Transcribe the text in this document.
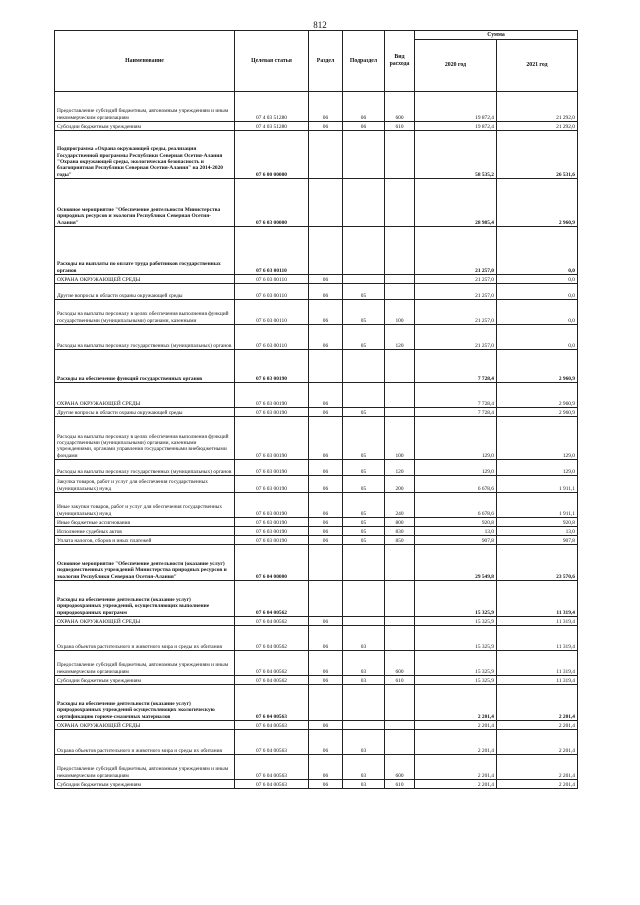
812
Наименование	Целевая статья	Раздел	Подраздел	Вид расхода	Сумма	
					2020 год	2021 год
Предоставление субсидий бюджетным, автономным учреждениям и иным некоммерческим организациям	07 4 03 51280	06	06	600	19 872,4	21 292,0
Субсидии бюджетным учреждениям	07 4 03 51280	06	06	610	19 872,4	21 292,0
Подпрограмма «Охрана окружающей среды, реализация Государственной программы Республики Северная Осетия-Алания "Охрана окружающей среды, экологическая безопасность и благоприятная Республики Северная Осетия-Алания" на 2014-2020 годы"	07 6 00 00000				58 535,2	26 531,6
Основное мероприятие "Обеспечение деятельности Министерства природных ресурсов и экологии Республики Северная Осетия-Алания"	07 6 03 00000				28 985,4	2 960,9
Расходы на выплаты по оплате труда работников государственных органов	07 6 03 00110				21 257,0	0,0
ОХРАНА ОКРУЖАЮЩЕЙ СРЕДЫ	07 6 03 00110	06			21 257,0	0,0
Другие вопросы в области охраны окружающей среды	07 6 03 00110	06	05		21 257,0	0,0
Расходы на выплаты персоналу в целях обеспечения выполнения функций государственными (муниципальными) органами, казенными	07 6 03 00110	06	05	100	21 257,0	0,0
Расходы на выплаты персоналу государственных (муниципальных) органов	07 6 03 00110	06	05	120	21 257,0	0,0
Расходы на обеспечение функций государственных органов	07 6 03 00190				7 728,4	2 960,9
ОХРАНА ОКРУЖАЮЩЕЙ СРЕДЫ	07 6 03 00190	06			7 728,4	2 960,9
Другие вопросы в области охраны окружающей среды	07 6 03 00190	06	05		7 728,4	2 960,9
Расходы на выплаты персоналу в целях обеспечения выполнения функций государственными (муниципальными) органами, казенными учреждениями, органами управления государственными внебюджетными фондами	07 6 03 00190	06	05	100	129,0	129,0
Расходы на выплаты персоналу государственных (муниципальных) органов	07 6 03 00190	06	05	120	129,0	129,0
Закупка товаров, работ и услуг для обеспечения государственных (муниципальных) нужд	07 6 03 00190	06	05	200	6 678,6	1 911,1
Иные закупки товаров, работ и услуг для обеспечения государственных (муниципальных) нужд	07 6 03 00190	06	05	240	6 678,6	1 911,1
Иные бюджетные ассигнования	07 6 03 00190	06	05	800	920,8	920,8
Исполнение судебных актов	07 6 03 00190	06	05	830	13,0	13,0
Уплата налогов, сборов и иных платежей	07 6 03 00190	06	05	850	907,8	907,8
Основное мероприятие "Обеспечение деятельности (оказание услуг) подведомственных учреждений Министерства природных ресурсов и экологии Республики Северная Осетия-Алания"	07 6 04 00000				29 549,8	23 570,6
Расходы на обеспечение деятельности (оказание услуг) природоохранных учреждений, осуществляющих выполнение природоохранных программ	07 6 04 00562				15 325,9	11 319,4
ОХРАНА ОКРУЖАЮЩЕЙ СРЕДЫ	07 6 04 00562	06			15 325,9	11 319,4
Охрана объектов растительного и животного мира и среды их обитания	07 6 04 00562	06	03		15 325,9	11 319,4
Предоставление субсидий бюджетным, автономным учреждениям и иным некоммерческим организациям	07 6 04 00562	06	03	600	15 325,9	11 319,4
Субсидии бюджетным учреждениям	07 6 04 00562	06	03	610	15 325,9	11 319,4
Расходы на обеспечение деятельности (оказание услуг) природоохранных учреждений осуществляющих экологическую сертификацию горюче-смазочных материалов	07 6 04 00563				2 201,4	2 201,4
ОХРАНА ОКРУЖАЮЩЕЙ СРЕДЫ	07 6 04 00563	06			2 201,4	2 201,4
Охрана объектов растительного и животного мира и среды их обитания	07 6 04 00563	06	03		2 201,4	2 201,4
Предоставление субсидий бюджетным, автономным учреждениям и иным некоммерческим организациям	07 6 04 00563	06	03	600	2 201,4	2 201,4
Субсидии бюджетным учреждениям	07 6 04 00563	06	03	610	2 201,4	2 201,4
